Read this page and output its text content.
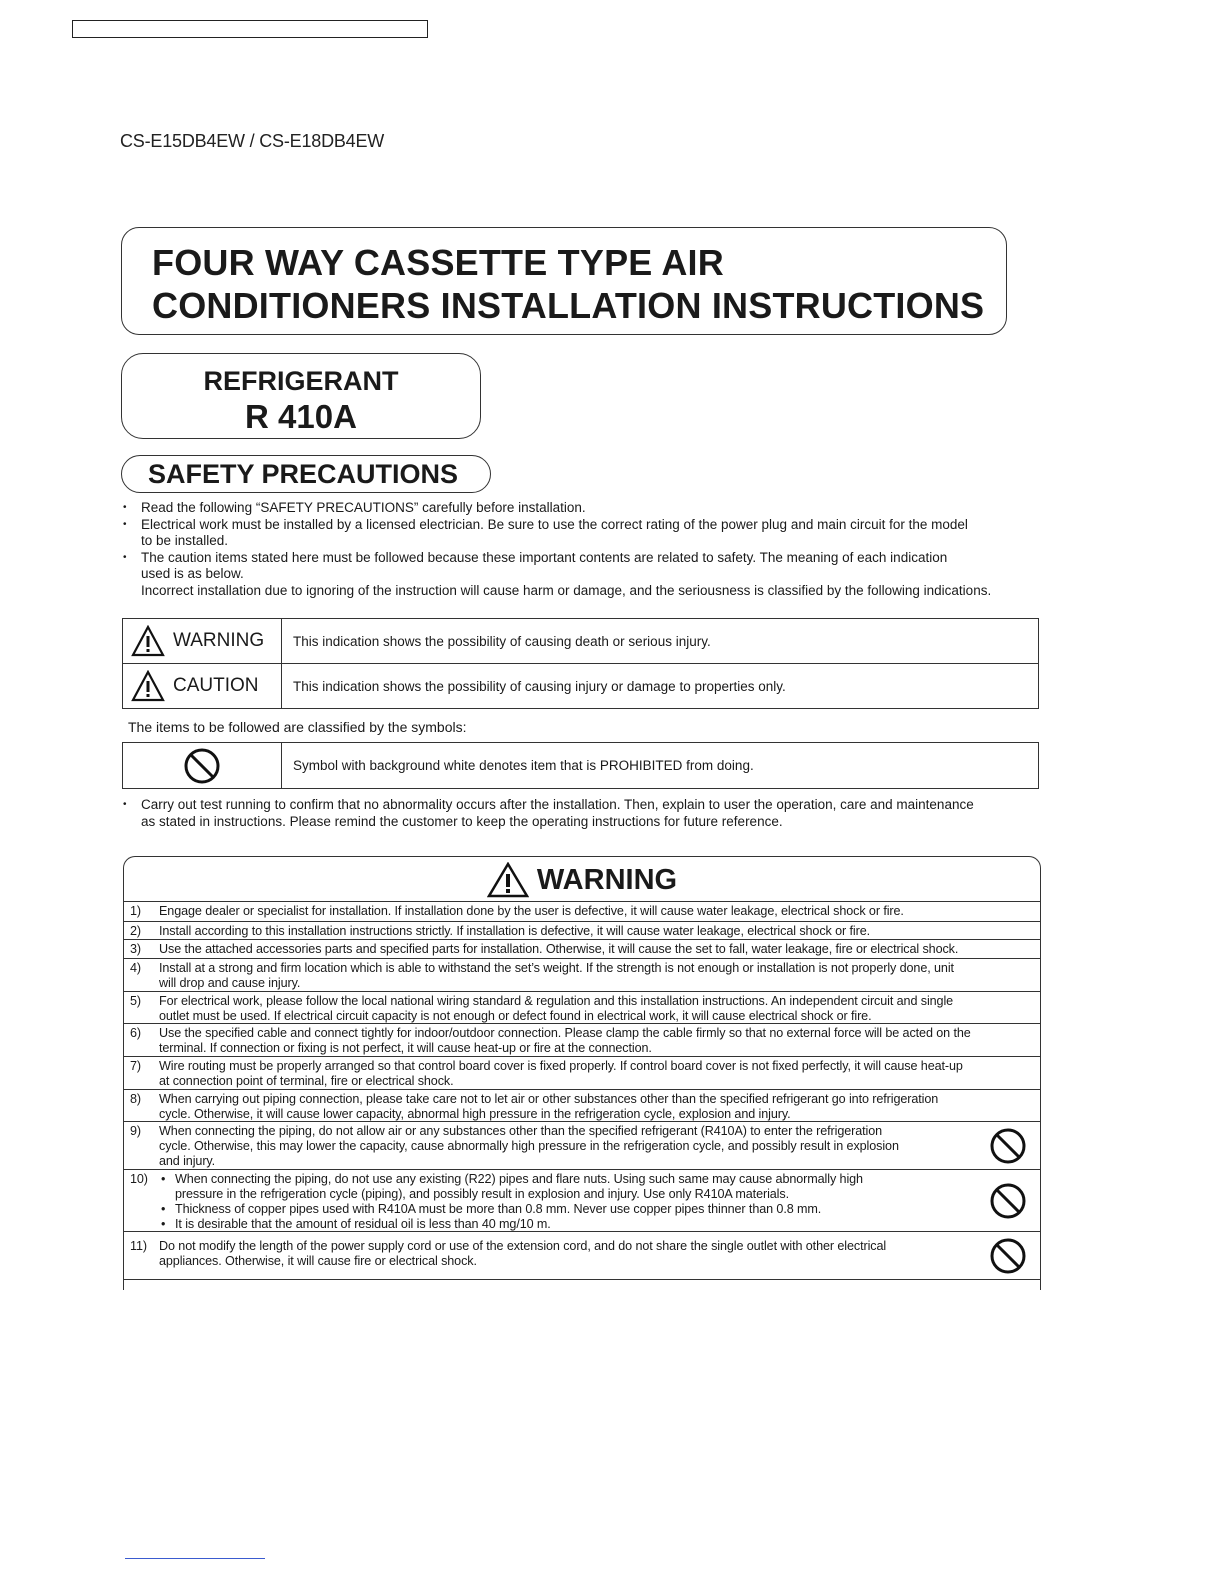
CS-E15DB4EW / CS-E18DB4EW
FOUR WAY CASSETTE TYPE AIR
CONDITIONERS INSTALLATION INSTRUCTIONS
REFRIGERANT
R 410A
SAFETY PRECAUTIONS
• Read the following “SAFETY PRECAUTIONS” carefully before installation.
• Electrical work must be installed by a licensed electrician. Be sure to use the correct rating of the power plug and main circuit for the model
to be installed.
• The caution items stated here must be followed because these important contents are related to safety. The meaning of each indication
used is as below.
Incorrect installation due to ignoring of the instruction will cause harm or damage, and the seriousness is classified by the following indications.
WARNING	This indication shows the possibility of causing death or serious injury.

CAUTION	This indication shows the possibility of causing injury or damage to properties only.
The items to be followed are classified by the symbols:
	Symbol with background white denotes item that is PROHIBITED from doing.
• Carry out test running to confirm that no abnormality occurs after the installation. Then, explain to user the operation, care and maintenance
as stated in instructions. Please remind the customer to keep the operating instructions for future reference.
WARNING
1) Engage dealer or specialist for installation. If installation done by the user is defective, it will cause water leakage, electrical shock or fire.
2) Install according to this installation instructions strictly. If installation is defective, it will cause water leakage, electrical shock or fire.
3) Use the attached accessories parts and specified parts for installation. Otherwise, it will cause the set to fall, water leakage, fire or electrical shock.
4) Install at a strong and firm location which is able to withstand the set’s weight. If the strength is not enough or installation is not properly done, unit
will drop and cause injury.
5) For electrical work, please follow the local national wiring standard & regulation and this installation instructions. An independent circuit and single
outlet must be used. If electrical circuit capacity is not enough or defect found in electrical work, it will cause electrical shock or fire.
6) Use the specified cable and connect tightly for indoor/outdoor connection. Please clamp the cable firmly so that no external force will be acted on the
terminal. If connection or fixing is not perfect, it will cause heat-up or fire at the connection.
7) Wire routing must be properly arranged so that control board cover is fixed properly. If control board cover is not fixed perfectly, it will cause heat-up
at connection point of terminal, fire or electrical shock.
8) When carrying out piping connection, please take care not to let air or other substances other than the specified refrigerant go into refrigeration
cycle. Otherwise, it will cause lower capacity, abnormal high pressure in the refrigeration cycle, explosion and injury.
9) When connecting the piping, do not allow air or any substances other than the specified refrigerant (R410A) to enter the refrigeration
cycle. Otherwise, this may lower the capacity, cause abnormally high pressure in the refrigeration cycle, and possibly result in explosion
and injury.
10) • When connecting the piping, do not use any existing (R22) pipes and flare nuts. Using such same may cause abnormally high
pressure in the refrigeration cycle (piping), and possibly result in explosion and injury. Use only R410A materials.
• Thickness of copper pipes used with R410A must be more than 0.8 mm. Never use copper pipes thinner than 0.8 mm.
• It is desirable that the amount of residual oil is less than 40 mg/10 m.
11) Do not modify the length of the power supply cord or use of the extension cord, and do not share the single outlet with other electrical
appliances. Otherwise, it will cause fire or electrical shock.
